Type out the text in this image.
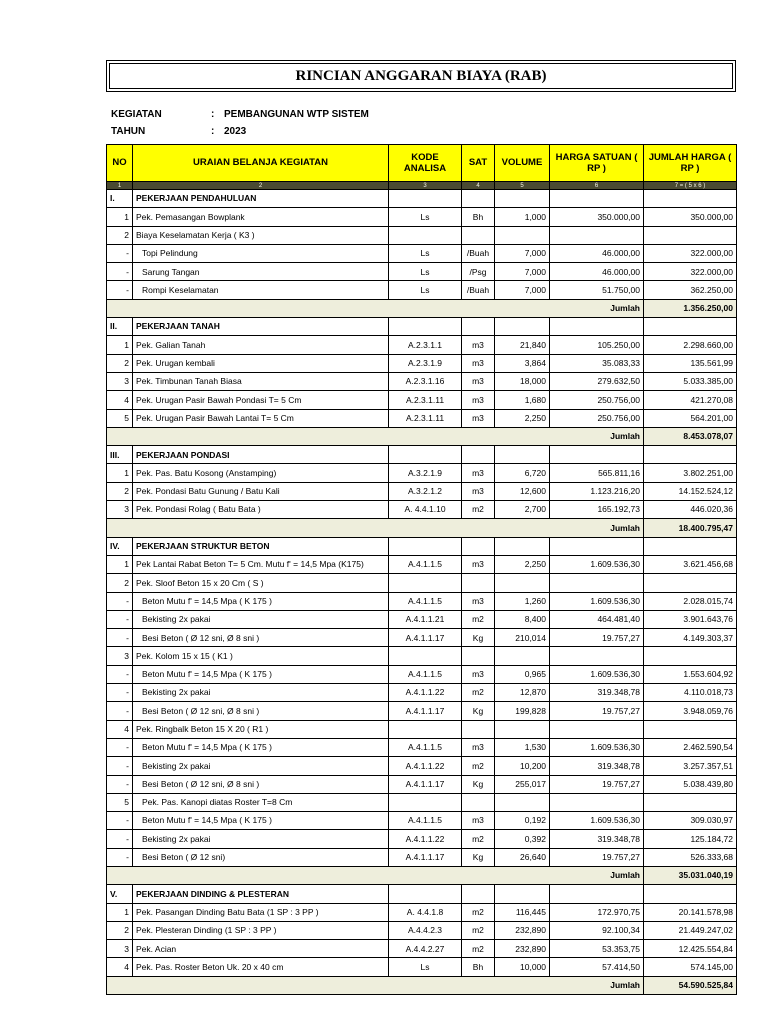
RINCIAN ANGGARAN BIAYA (RAB)
KEGIATAN	: PEMBANGUNAN WTP SISTEM
TAHUN	: 2023
NO	URAIAN BELANJA KEGIATAN	KODE ANALISA	SAT	VOLUME	HARGA SATUAN ( RP )	JUMLAH HARGA ( RP )
1	2	3	4	5	6	7 = ( 5 x 6 )
I.	PEKERJAAN PENDAHULUAN					
1	Pek. Pemasangan Bowplank	Ls	Bh	1,000	350.000,00	350.000,00
2	Biaya Keselamatan Kerja ( K3 )					
-	Topi Pelindung	Ls	/Buah	7,000	46.000,00	322.000,00
-	Sarung Tangan	Ls	/Psg	7,000	46.000,00	322.000,00
-	Rompi Keselamatan	Ls	/Buah	7,000	51.750,00	362.250,00
Jumlah						1.356.250,00
II.	PEKERJAAN TANAH					
1	Pek. Galian Tanah	A.2.3.1.1	m3	21,840	105.250,00	2.298.660,00
2	Pek. Urugan kembali	A.2.3.1.9	m3	3,864	35.083,33	135.561,99
3	Pek. Timbunan Tanah Biasa	A.2.3.1.16	m3	18,000	279.632,50	5.033.385,00
4	Pek. Urugan Pasir Bawah Pondasi T= 5 Cm	A.2.3.1.11	m3	1,680	250.756,00	421.270,08
5	Pek. Urugan Pasir Bawah Lantai T= 5 Cm	A.2.3.1.11	m3	2,250	250.756,00	564.201,00
Jumlah						8.453.078,07
III.	PEKERJAAN PONDASI					
1	Pek. Pas. Batu Kosong (Anstamping)	A.3.2.1.9	m3	6,720	565.811,16	3.802.251,00
2	Pek. Pondasi Batu Gunung / Batu Kali	A.3.2.1.2	m3	12,600	1.123.216,20	14.152.524,12
3	Pek. Pondasi Rolag ( Batu Bata )	A. 4.4.1.10	m2	2,700	165.192,73	446.020,36
Jumlah						18.400.795,47
IV.	PEKERJAAN STRUKTUR BETON					
1	Pek Lantai Rabat Beton T= 5 Cm. Mutu f' = 14,5 Mpa (K175)	A.4.1.1.5	m3	2,250	1.609.536,30	3.621.456,68
2	Pek. Sloof Beton 15 x 20 Cm ( S )					
-	Beton Mutu f' = 14,5 Mpa ( K 175 )	A.4.1.1.5	m3	1,260	1.609.536,30	2.028.015,74
-	Bekisting 2x pakai	A.4.1.1.21	m2	8,400	464.481,40	3.901.643,76
-	Besi Beton ( Ø 12 sni, Ø 8 sni )	A.4.1.1.17	Kg	210,014	19.757,27	4.149.303,37
3	Pek. Kolom 15 x 15 ( K1 )					
-	Beton Mutu f' = 14,5 Mpa ( K 175 )	A.4.1.1.5	m3	0,965	1.609.536,30	1.553.604,92
-	Bekisting 2x pakai	A.4.1.1.22	m2	12,870	319.348,78	4.110.018,73
-	Besi Beton ( Ø 12 sni, Ø 8 sni )	A.4.1.1.17	Kg	199,828	19.757,27	3.948.059,76
4	Pek. Ringbalk Beton 15 X 20 ( R1 )					
-	Beton Mutu f' = 14,5 Mpa ( K 175 )	A.4.1.1.5	m3	1,530	1.609.536,30	2.462.590,54
-	Bekisting 2x pakai	A.4.1.1.22	m2	10,200	319.348,78	3.257.357,51
-	Besi Beton ( Ø 12 sni, Ø 8 sni )	A.4.1.1.17	Kg	255,017	19.757,27	5.038.439,80
5	Pek. Pas. Kanopi diatas Roster T=8 Cm					
-	Beton Mutu f' = 14,5 Mpa ( K 175 )	A.4.1.1.5	m3	0,192	1.609.536,30	309.030,97
-	Bekisting 2x pakai	A.4.1.1.22	m2	0,392	319.348,78	125.184,72
-	Besi Beton ( Ø 12 sni)	A.4.1.1.17	Kg	26,640	19.757,27	526.333,68
Jumlah						35.031.040,19
V.	PEKERJAAN DINDING & PLESTERAN					
1	Pek. Pasangan Dinding Batu Bata (1 SP : 3 PP )	A. 4.4.1.8	m2	116,445	172.970,75	20.141.578,98
2	Pek. Plesteran Dinding (1 SP : 3 PP )	A.4.4.2.3	m2	232,890	92.100,34	21.449.247,02
3	Pek. Acian	A.4.4.2.27	m2	232,890	53.353,75	12.425.554,84
4	Pek. Pas. Roster Beton Uk. 20 x 40 cm	Ls	Bh	10,000	57.414,50	574.145,00
Jumlah						54.590.525,84
